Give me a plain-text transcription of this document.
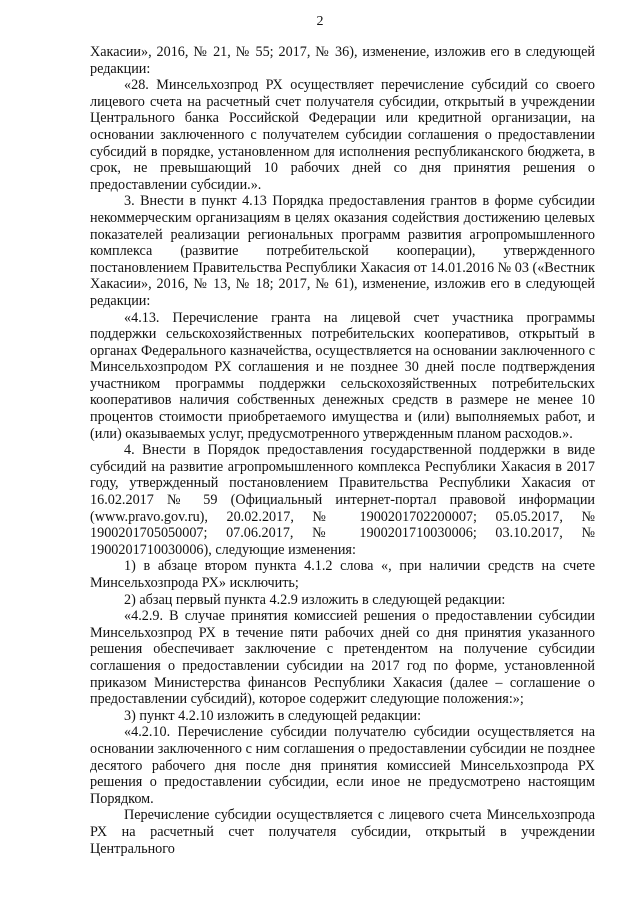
2

Хакасии», 2016, № 21, № 55; 2017, № 36), изменение, изложив его в следующей редакции:

«28. Минсельхозпрод РХ осуществляет перечисление субсидий со своего лицевого счета на расчетный счет получателя субсидии, открытый в учреждении Центрального банка Российской Федерации или кредитной организации, на основании заключенного с получателем субсидии соглашения о предоставлении субсидий в порядке, установленном для исполнения республиканского бюджета, в срок, не превышающий 10 рабочих дней со дня принятия решения о предоставлении субсидии.».

3. Внести в пункт 4.13 Порядка предоставления грантов в форме субсидии некоммерческим организациям в целях оказания содействия достижению целевых показателей реализации региональных программ развития агропромышленного комплекса (развитие потребительской кооперации), утвержденного постановлением Правительства Республики Хакасия от 14.01.2016 № 03 («Вестник Хакасии», 2016, № 13, № 18; 2017, № 61), изменение, изложив его в следующей редакции:

«4.13. Перечисление гранта на лицевой счет участника программы поддержки сельскохозяйственных потребительских кооперативов, открытый в органах Федерального казначейства, осуществляется на основании заключенного с Минсельхозпродом РХ соглашения и не позднее 30 дней после подтверждения участником программы поддержки сельскохозяйственных потребительских кооперативов наличия собственных денежных средств в размере не менее 10 процентов стоимости приобретаемого имущества и (или) выполняемых работ, и (или) оказываемых услуг, предусмотренного утвержденным планом расходов.».

4. Внести в Порядок предоставления государственной поддержки в виде субсидий на развитие агропромышленного комплекса Республики Хакасия в 2017 году, утвержденный постановлением Правительства Республики Хакасия от 16.02.2017 № 59 (Официальный интернет-портал правовой информации (www.pravo.gov.ru), 20.02.2017, № 1900201702200007; 05.05.2017, № 1900201705050007; 07.06.2017, № 1900201710030006; 03.10.2017, № 1900201710030006), следующие изменения:

1) в абзаце втором пункта 4.1.2 слова «, при наличии средств на счете Минсельхозпрода РХ» исключить;

2) абзац первый пункта 4.2.9 изложить в следующей редакции:

«4.2.9. В случае принятия комиссией решения о предоставлении субсидии Минсельхозпрод РХ в течение пяти рабочих дней со дня принятия указанного решения обеспечивает заключение с претендентом на получение субсидии соглашения о предоставлении субсидии на 2017 год по форме, установленной приказом Министерства финансов Республики Хакасия (далее – соглашение о предоставлении субсидий), которое содержит следующие положения:»;

3) пункт 4.2.10 изложить в следующей редакции:

«4.2.10. Перечисление субсидии получателю субсидии осуществляется на основании заключенного с ним соглашения о предоставлении субсидии не позднее десятого рабочего дня после дня принятия комиссией Минсельхозпрода РХ решения о предоставлении субсидии, если иное не предусмотрено настоящим Порядком.

Перечисление субсидии осуществляется с лицевого счета Минсельхозпрода РХ на расчетный счет получателя субсидии, открытый в учреждении Центрального
